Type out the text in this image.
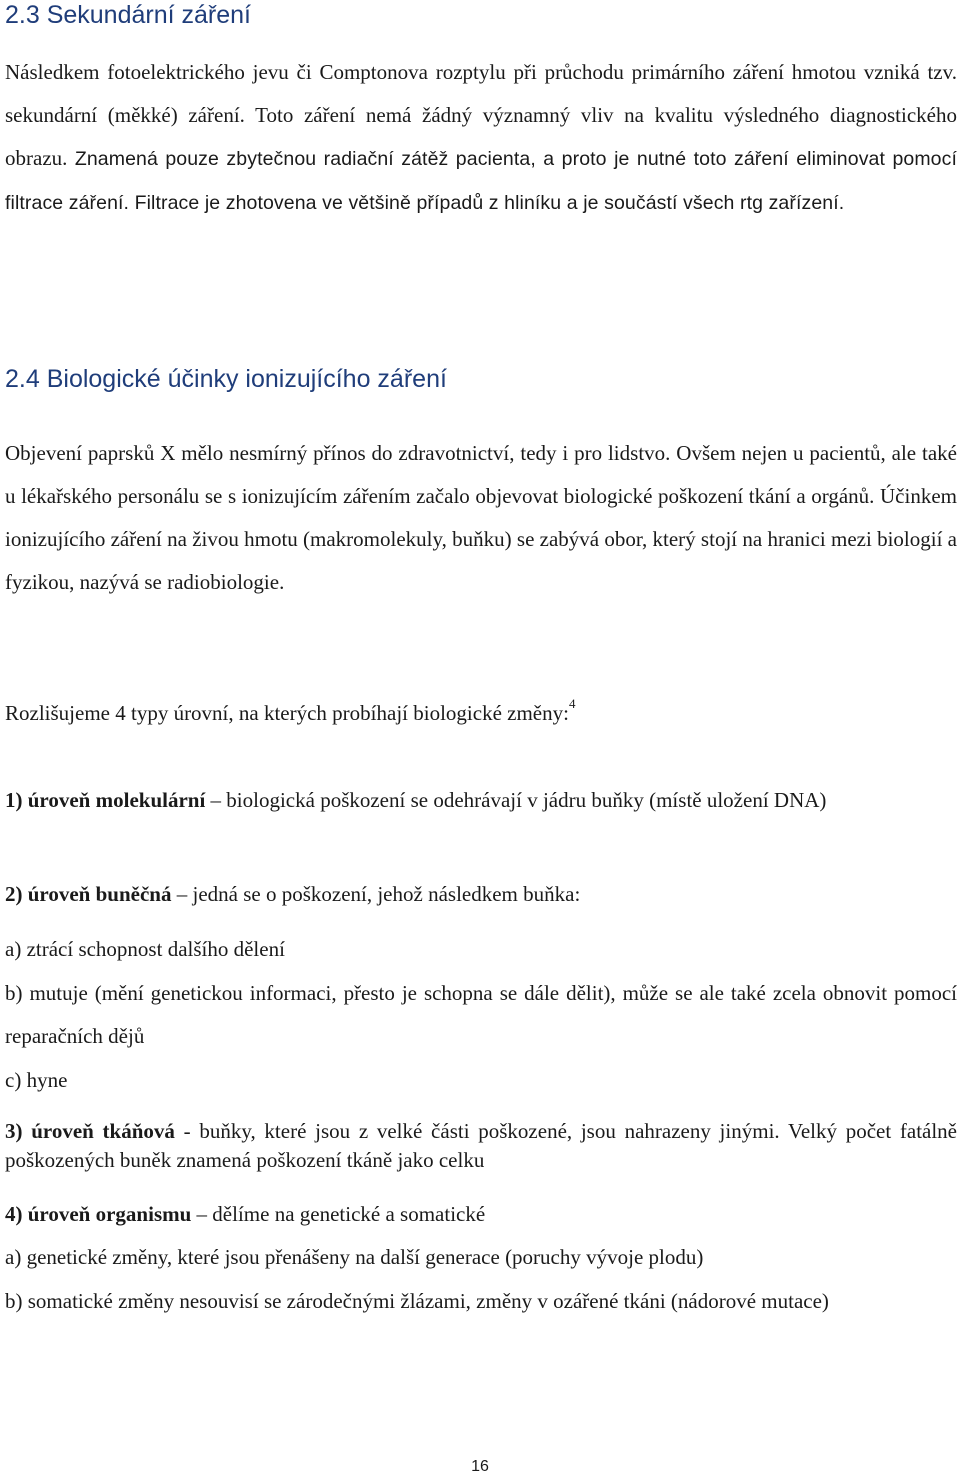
2.3 Sekundární záření

Následkem fotoelektrického jevu či Comptonova rozptylu při průchodu primárního záření hmotou vzniká tzv. sekundární (měkké) záření. Toto záření nemá žádný významný vliv na kvalitu výsledného diagnostického obrazu. Znamená pouze zbytečnou radiační zátěž pacienta, a proto je nutné toto záření eliminovat pomocí filtrace záření. Filtrace je zhotovena ve většině případů z hliníku a je součástí všech rtg zařízení.

2.4 Biologické účinky ionizujícího záření

Objevení paprsků X mělo nesmírný přínos do zdravotnictví, tedy i pro lidstvo. Ovšem nejen u pacientů, ale také u lékařského personálu se s ionizujícím zářením začalo objevovat biologické poškození tkání a orgánů. Účinkem ionizujícího záření na živou hmotu (makromolekuly, buňku) se zabývá obor, který stojí na hranici mezi biologií a fyzikou, nazývá se radiobiologie.

Rozlišujeme 4 typy úrovní, na kterých probíhají biologické změny:$^4$

1) úroveň molekulární – biologická poškození se odehrávají v jádru buňky (místě uložení DNA)

2) úroveň buněčná – jedná se o poškození, jehož následkem buňka:

a) ztrácí schopnost dalšího dělení

b) mutuje (mění genetickou informaci, přesto je schopna se dále dělit), může se ale také zcela obnovit pomocí reparačních dějů

c) hyne

3) úroveň tkáňová - buňky, které jsou z velké části poškozené, jsou nahrazeny jinými. Velký počet fatálně poškozených buněk znamená poškození tkáně jako celku

4) úroveň organismu – dělíme na genetické a somatické

a) genetické změny, které jsou přenášeny na další generace (poruchy vývoje plodu)

b) somatické změny nesouvisí se zárodečnými žlázami, změny v ozářené tkáni (nádorové mutace)

16
